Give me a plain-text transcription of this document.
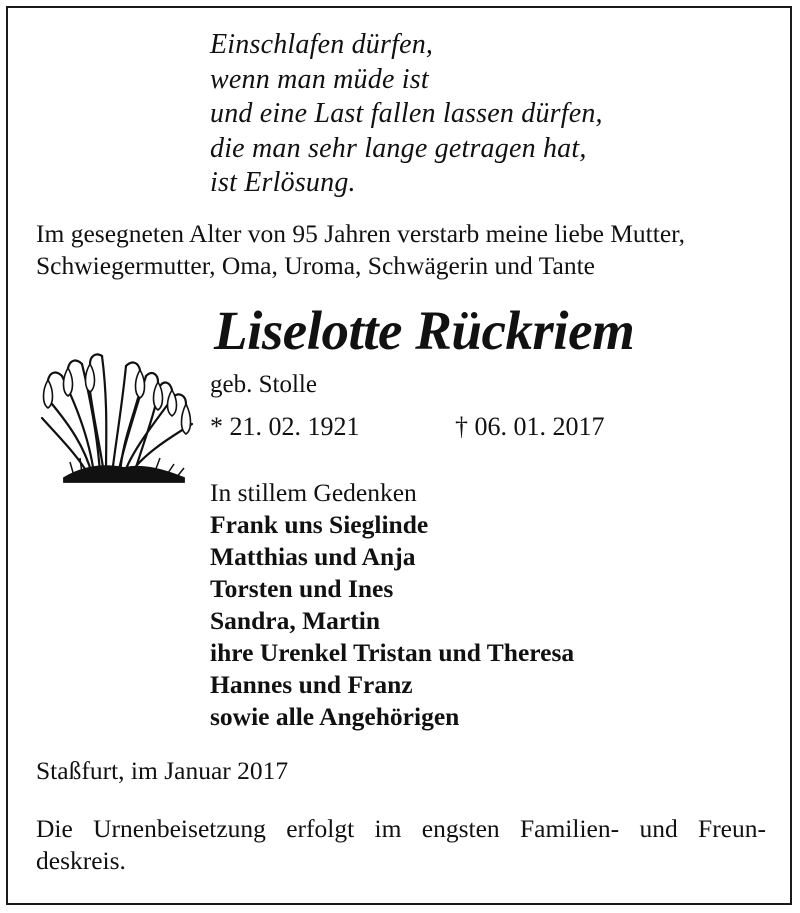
Einschlafen dürfen,
wenn man müde ist
und eine Last fallen lassen dürfen,
die man sehr lange getragen hat,
ist Erlösung.
Im gesegneten Alter von 95 Jahren verstarb meine liebe Mutter,
Schwiegermutter, Oma, Uroma, Schwägerin und Tante
Liselotte Rückriem
geb. Stolle
* 21. 02. 1921	† 06. 01. 2017
In stillem Gedenken
Frank uns Sieglinde
Matthias und Anja
Torsten und Ines
Sandra, Martin
ihre Urenkel Tristan und Theresa
Hannes und Franz
sowie alle Angehörigen
Staßfurt, im Januar 2017
Die Urnenbeisetzung erfolgt im engsten Familien- und Freun-
deskreis.
